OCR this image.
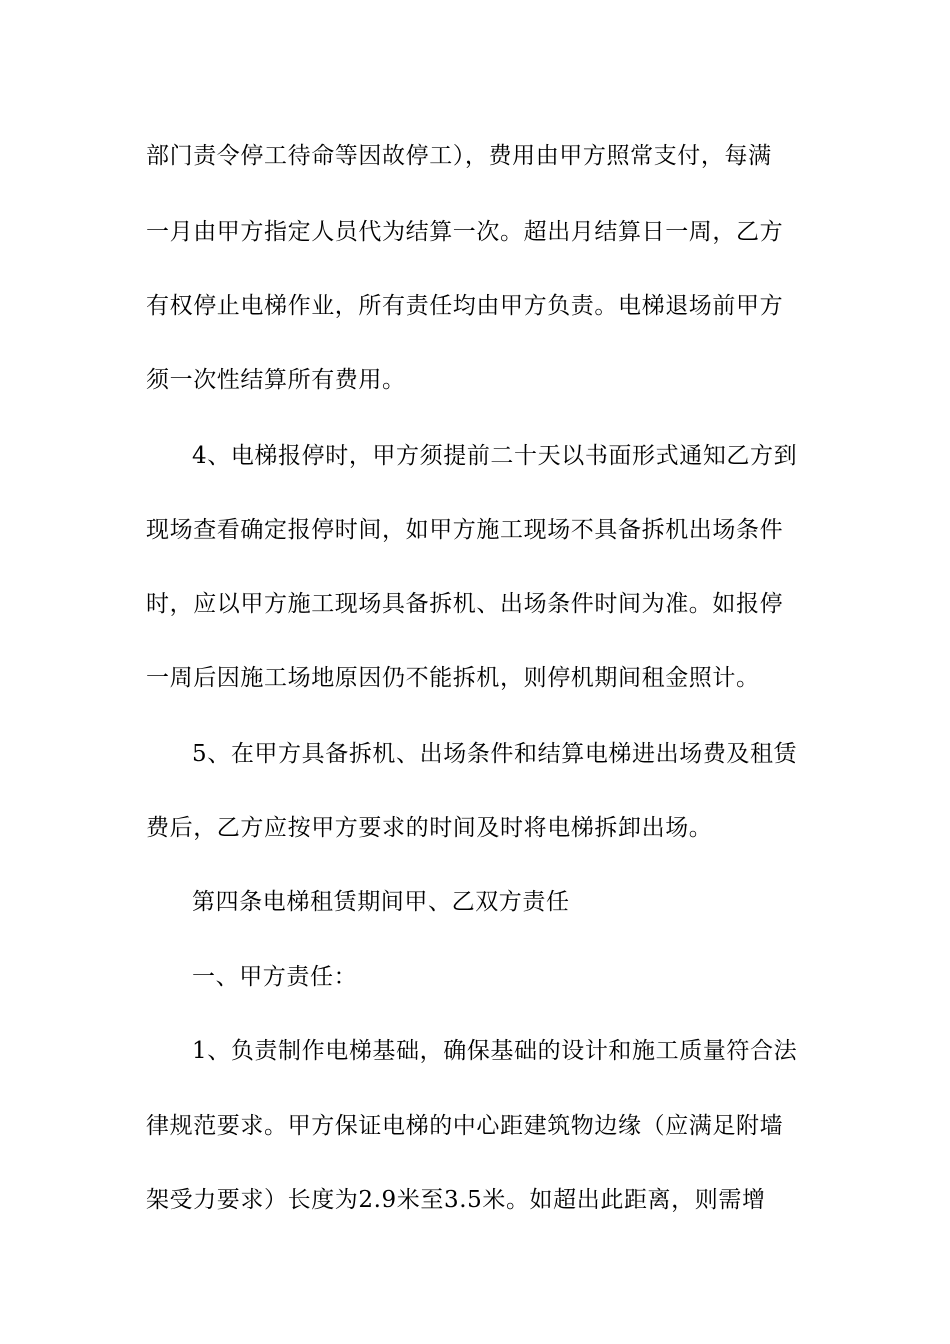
部门责令停工待命等因故停工），费用由甲方照常支付，每满
一月由甲方指定人员代为结算一次。超出月结算日一周，乙方
有权停止电梯作业，所有责任均由甲方负责。电梯退场前甲方
须一次性结算所有费用。
4、电梯报停时，甲方须提前二十天以书面形式通知乙方到
现场查看确定报停时间，如甲方施工现场不具备拆机出场条件
时，应以甲方施工现场具备拆机、出场条件时间为准。如报停
一周后因施工场地原因仍不能拆机，则停机期间租金照计。
5、在甲方具备拆机、出场条件和结算电梯进出场费及租赁
费后，乙方应按甲方要求的时间及时将电梯拆卸出场。
第四条电梯租赁期间甲、乙双方责任
一、甲方责任：
1、负责制作电梯基础，确保基础的设计和施工质量符合法
律规范要求。甲方保证电梯的中心距建筑物边缘（应满足附墙
架受力要求）长度为2.9米至3.5米。如超出此距离，则需增
